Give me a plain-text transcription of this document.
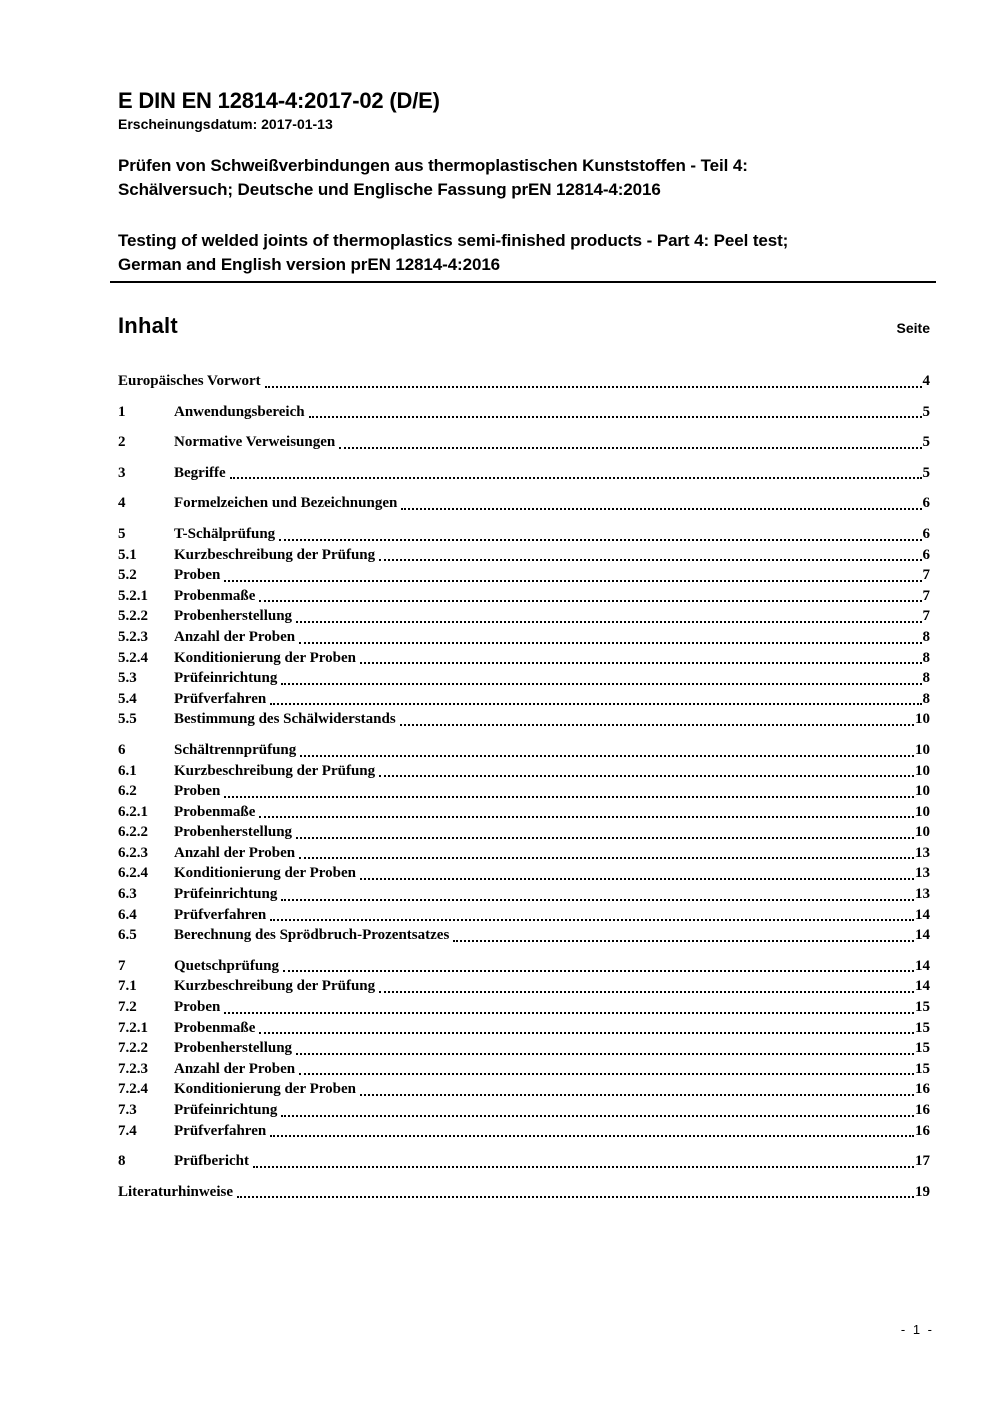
E DIN EN 12814-4:2017-02 (D/E)
Erscheinungsdatum: 2017-01-13
Prüfen von Schweißverbindungen aus thermoplastischen Kunststoffen - Teil 4:
Schälversuch; Deutsche und Englische Fassung prEN 12814-4:2016
Testing of welded joints of thermoplastics semi-finished products - Part 4: Peel test;
German and English version prEN 12814-4:2016
Inhalt	Seite
Europäisches Vorwort	4
1	Anwendungsbereich	5
2	Normative Verweisungen	5
3	Begriffe	5
4	Formelzeichen und Bezeichnungen	6
5	T-Schälprüfung	6
5.1	Kurzbeschreibung der Prüfung	6
5.2	Proben	7
5.2.1	Probenmaße	7
5.2.2	Probenherstellung	7
5.2.3	Anzahl der Proben	8
5.2.4	Konditionierung der Proben	8
5.3	Prüfeinrichtung	8
5.4	Prüfverfahren	8
5.5	Bestimmung des Schälwiderstands	10
6	Schältrennprüfung	10
6.1	Kurzbeschreibung der Prüfung	10
6.2	Proben	10
6.2.1	Probenmaße	10
6.2.2	Probenherstellung	10
6.2.3	Anzahl der Proben	13
6.2.4	Konditionierung der Proben	13
6.3	Prüfeinrichtung	13
6.4	Prüfverfahren	14
6.5	Berechnung des Sprödbruch-Prozentsatzes	14
7	Quetschprüfung	14
7.1	Kurzbeschreibung der Prüfung	14
7.2	Proben	15
7.2.1	Probenmaße	15
7.2.2	Probenherstellung	15
7.2.3	Anzahl der Proben	15
7.2.4	Konditionierung der Proben	16
7.3	Prüfeinrichtung	16
7.4	Prüfverfahren	16
8	Prüfbericht	17
Literaturhinweise	19
- 1 -
